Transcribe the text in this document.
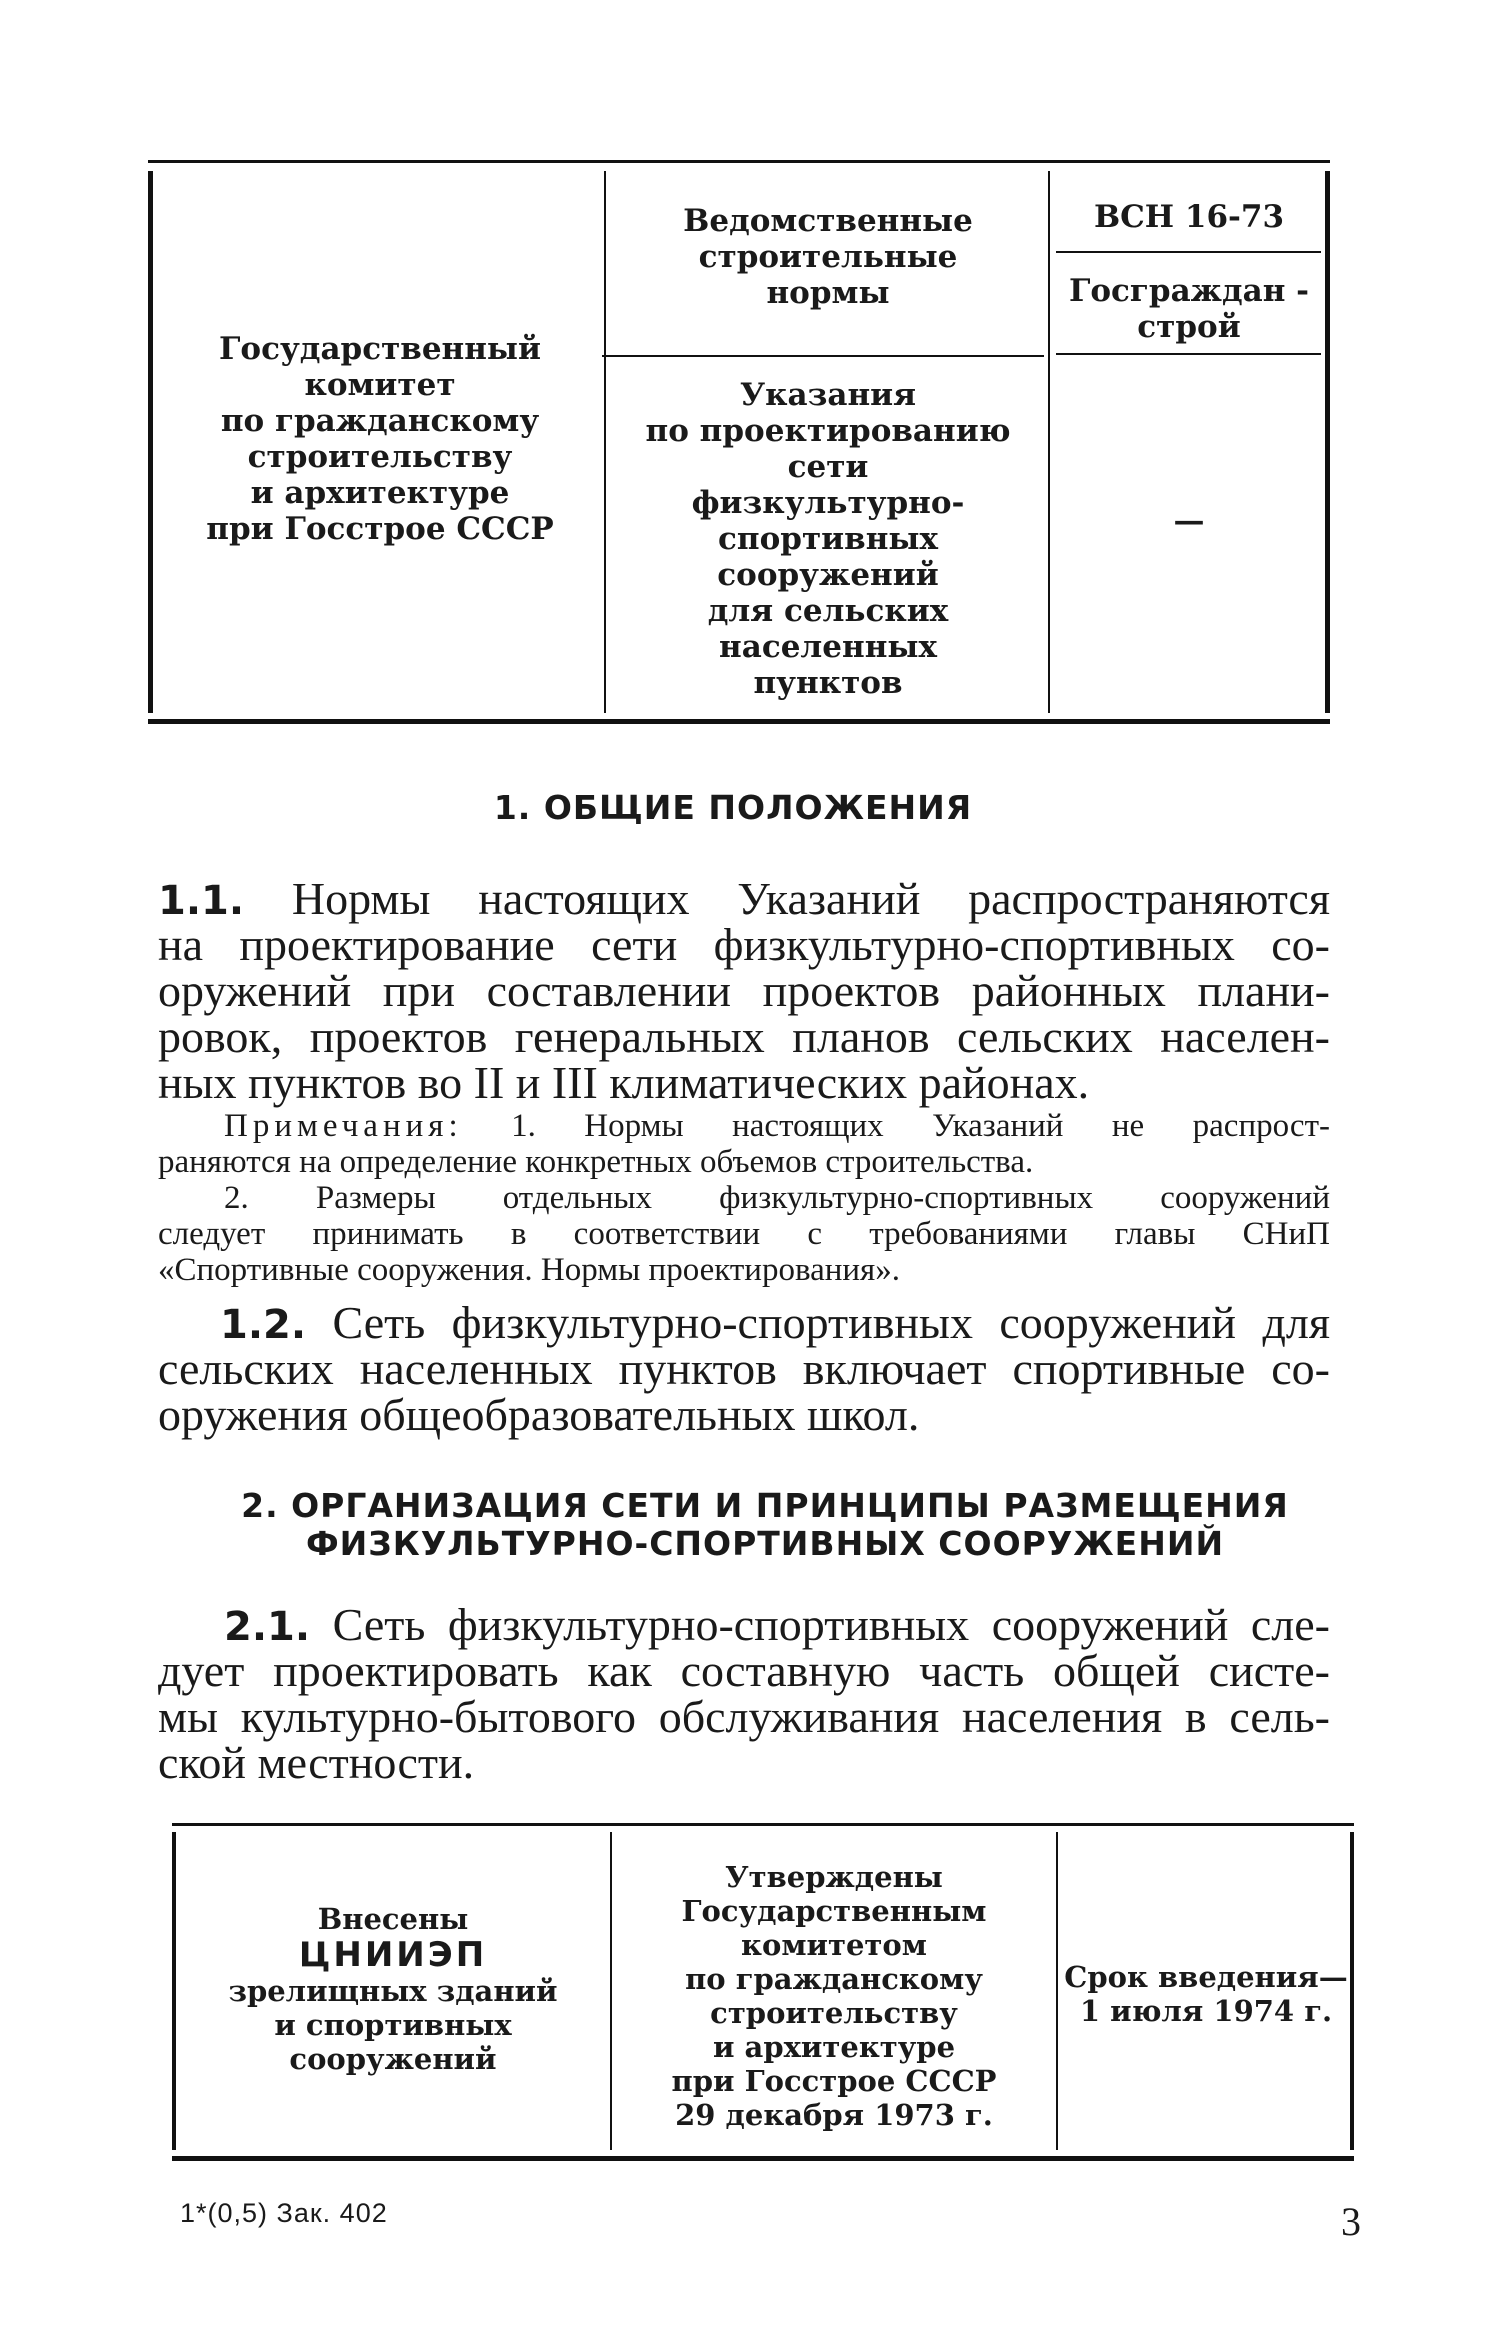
Государственный
комитет
по гражданскому
строительству
и архитектуре
при Госстрое СССР
Ведомственные
строительные
нормы
Указания
по проектированию
сети
физкультурно-
спортивных
сооружений
для сельских
населенных
пунктов
ВСН 16-73
Госграждан -
строй
—
1. ОБЩИЕ ПОЛОЖЕНИЯ
1.1. Нормы настоящих Указаний распространяются
на проектирование сети физкультурно-спортивных со-
оружений при составлении проектов районных плани-
ровок, проектов генеральных планов сельских населен-
ных пунктов во II и III климатических районах.
Примечания: 1. Нормы настоящих Указаний не распрост-
раняются на определение конкретных объемов строительства.
2. Размеры отдельных физкультурно-спортивных сооружений
следует принимать в соответствии с требованиями главы СНиП
«Спортивные сооружения. Нормы проектирования».
1.2. Сеть физкультурно-спортивных сооружений для
сельских населенных пунктов включает спортивные со-
оружения общеобразовательных школ.
2. ОРГАНИЗАЦИЯ СЕТИ И ПРИНЦИПЫ РАЗМЕЩЕНИЯ
ФИЗКУЛЬТУРНО-СПОРТИВНЫХ СООРУЖЕНИЙ
2.1. Сеть физкультурно-спортивных сооружений сле-
дует проектировать как составную часть общей систе-
мы культурно-бытового обслуживания населения в сель-
ской местности.
Внесены
ЦНИИЭП
зрелищных зданий
и спортивных
сооружений
Утверждены
Государственным
комитетом
по гражданскому
строительству
и архитектуре
при Госстрое СССР
29 декабря 1973 г.
Срок введения—
1 июля 1974 г.
1*(0,5) Зак. 402	3
